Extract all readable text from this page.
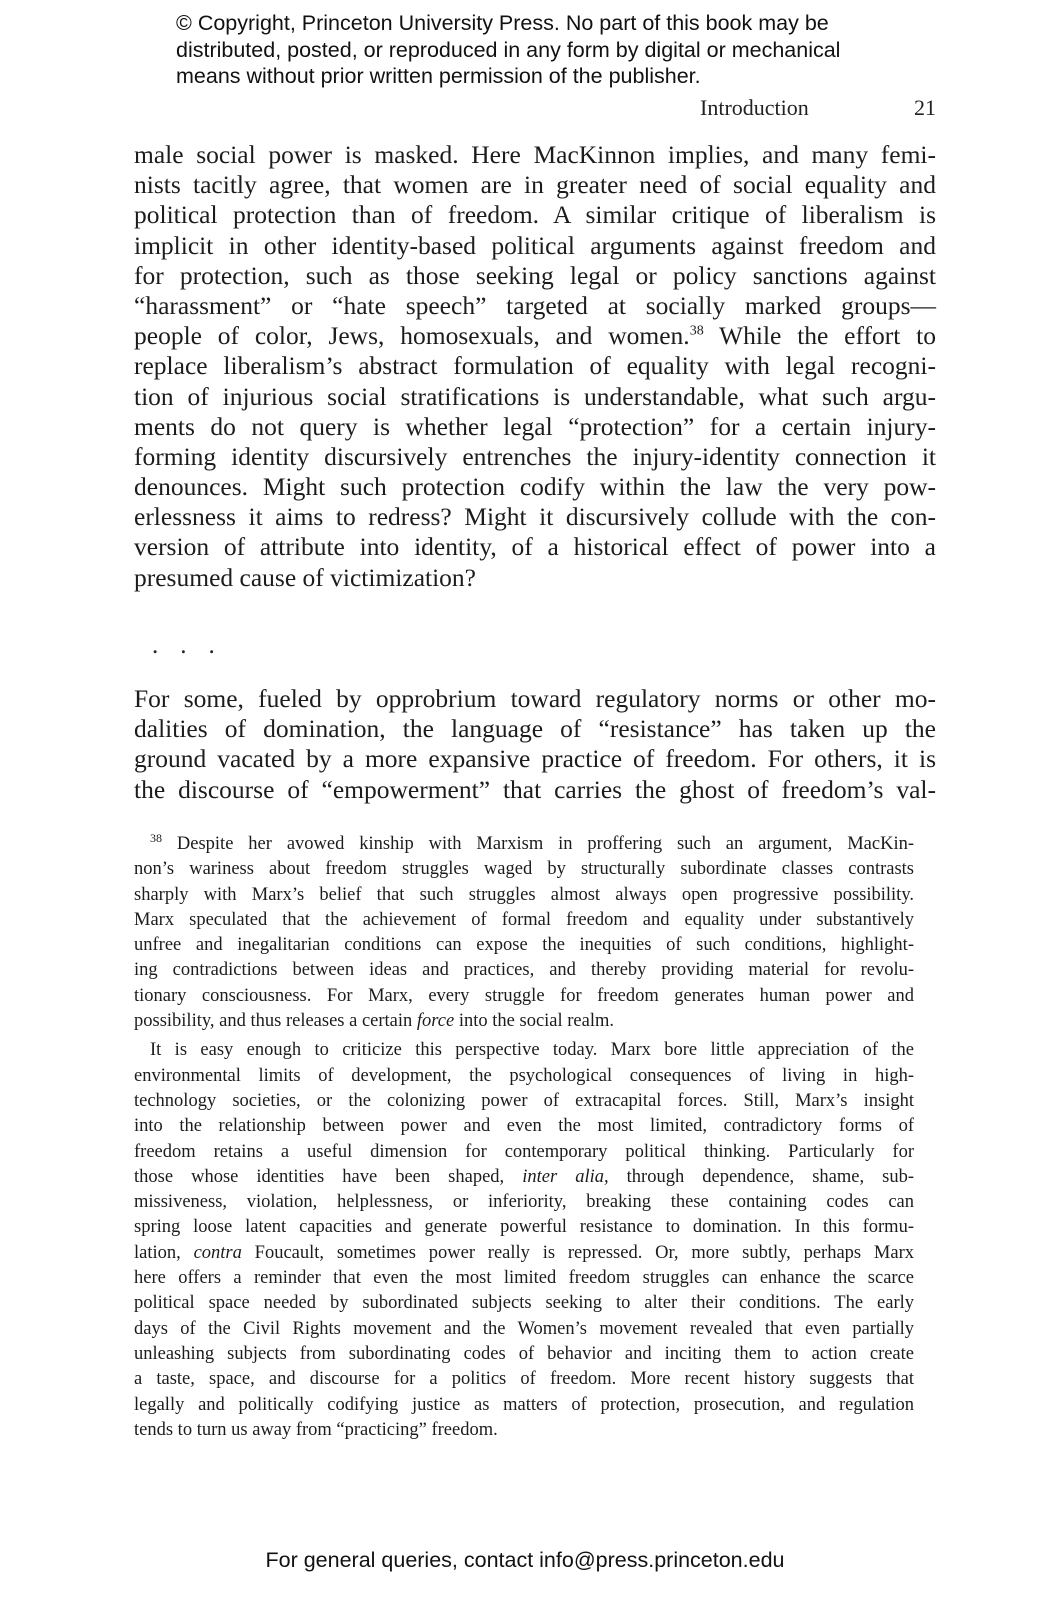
© Copyright, Princeton University Press. No part of this book may be
distributed, posted, or reproduced in any form by digital or mechanical
means without prior written permission of the publisher.
Introduction	21
male social power is masked. Here MacKinnon implies, and many femi-
nists tacitly agree, that women are in greater need of social equality and
political protection than of freedom. A similar critique of liberalism is
implicit in other identity-based political arguments against freedom and
for protection, such as those seeking legal or policy sanctions against
“harassment” or “hate speech” targeted at socially marked groups—
people of color, Jews, homosexuals, and women.$^{38}$ While the effort to
replace liberalism’s abstract formulation of equality with legal recogni-
tion of injurious social stratifications is understandable, what such argu-
ments do not query is whether legal “protection” for a certain injury-
forming identity discursively entrenches the injury-identity connection it
denounces. Might such protection codify within the law the very pow-
erlessness it aims to redress? Might it discursively collude with the con-
version of attribute into identity, of a historical effect of power into a
presumed cause of victimization?
...
For some, fueled by opprobrium toward regulatory norms or other mo-
dalities of domination, the language of “resistance” has taken up the
ground vacated by a more expansive practice of freedom. For others, it is
the discourse of “empowerment” that carries the ghost of freedom’s val-
$^{38}$ Despite her avowed kinship with Marxism in proffering such an argument, MacKin-
non’s wariness about freedom struggles waged by structurally subordinate classes contrasts
sharply with Marx’s belief that such struggles almost always open progressive possibility.
Marx speculated that the achievement of formal freedom and equality under substantively
unfree and inegalitarian conditions can expose the inequities of such conditions, highlight-
ing contradictions between ideas and practices, and thereby providing material for revolu-
tionary consciousness. For Marx, every struggle for freedom generates human power and
possibility, and thus releases a certain force into the social realm.
It is easy enough to criticize this perspective today. Marx bore little appreciation of the
environmental limits of development, the psychological consequences of living in high-
technology societies, or the colonizing power of extracapital forces. Still, Marx’s insight
into the relationship between power and even the most limited, contradictory forms of
freedom retains a useful dimension for contemporary political thinking. Particularly for
those whose identities have been shaped, inter alia, through dependence, shame, sub-
missiveness, violation, helplessness, or inferiority, breaking these containing codes can
spring loose latent capacities and generate powerful resistance to domination. In this formu-
lation, contra Foucault, sometimes power really is repressed. Or, more subtly, perhaps Marx
here offers a reminder that even the most limited freedom struggles can enhance the scarce
political space needed by subordinated subjects seeking to alter their conditions. The early
days of the Civil Rights movement and the Women’s movement revealed that even partially
unleashing subjects from subordinating codes of behavior and inciting them to action create
a taste, space, and discourse for a politics of freedom. More recent history suggests that
legally and politically codifying justice as matters of protection, prosecution, and regulation
tends to turn us away from “practicing” freedom.
For general queries, contact info@press.princeton.edu
